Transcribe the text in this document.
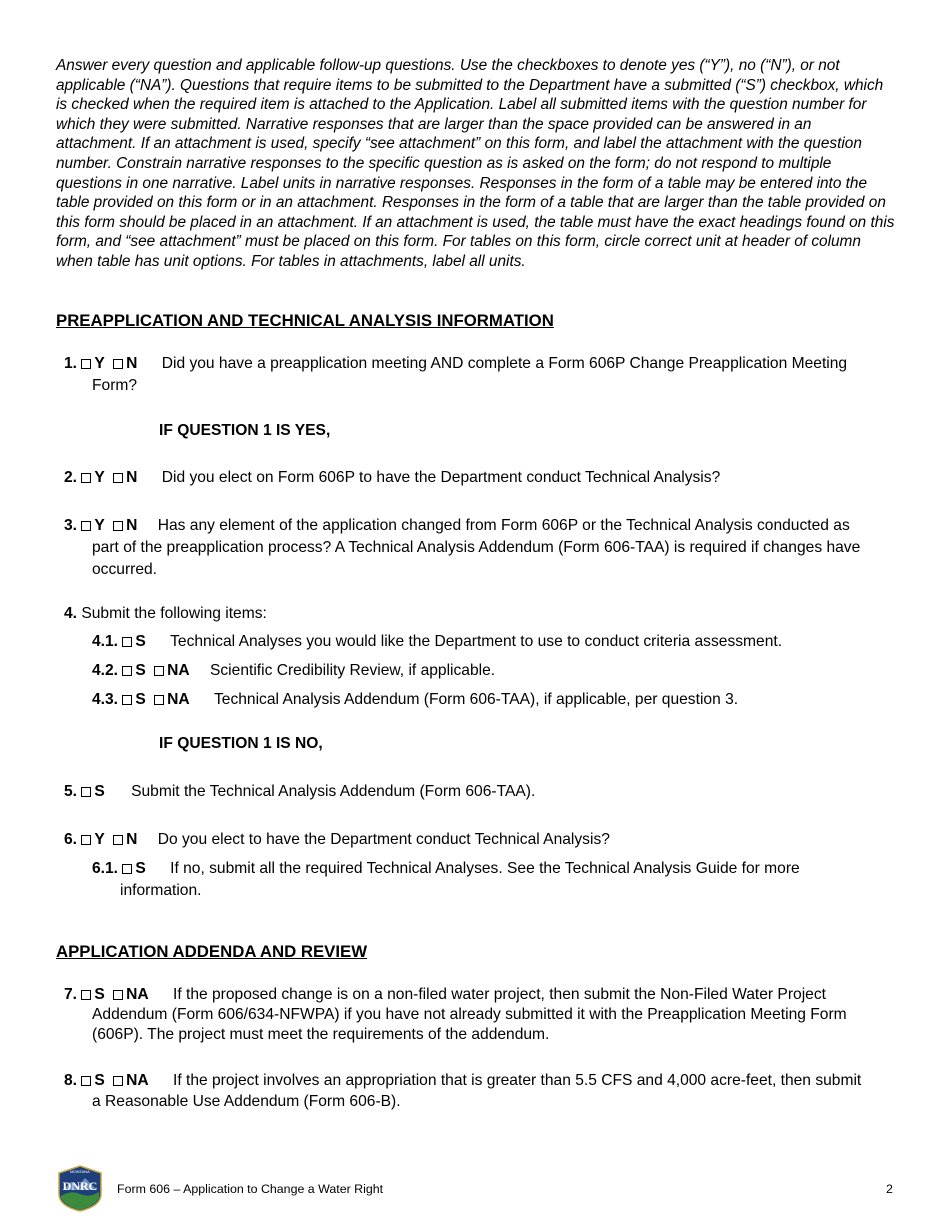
Answer every question and applicable follow-up questions. Use the checkboxes to denote yes (“Y”), no (“N”), or not applicable (“NA”). Questions that require items to be submitted to the Department have a submitted (“S”) checkbox, which is checked when the required item is attached to the Application. Label all submitted items with the question number for which they were submitted. Narrative responses that are larger than the space provided can be answered in an attachment. If an attachment is used, specify “see attachment” on this form, and label the attachment with the question number. Constrain narrative responses to the specific question as is asked on the form; do not respond to multiple questions in one narrative. Label units in narrative responses. Responses in the form of a table may be entered into the table provided on this form or in an attachment. Responses in the form of a table that are larger than the table provided on this form should be placed in an attachment. If an attachment is used, the table must have the exact headings found on this form, and “see attachment” must be placed on this form. For tables on this form, circle correct unit at header of column when table has unit options. For tables in attachments, label all units.

PREAPPLICATION AND TECHNICAL ANALYSIS INFORMATION
1. Y N Did you have a preapplication meeting AND complete a Form 606P Change Preapplication Meeting Form?
IF QUESTION 1 IS YES,
2. Y N Did you elect on Form 606P to have the Department conduct Technical Analysis?
3. Y N Has any element of the application changed from Form 606P or the Technical Analysis conducted as part of the preapplication process? A Technical Analysis Addendum (Form 606-TAA) is required if changes have occurred.
4. Submit the following items:
4.1. S Technical Analyses you would like the Department to use to conduct criteria assessment.
4.2. S NA Scientific Credibility Review, if applicable.
4.3. S NA Technical Analysis Addendum (Form 606-TAA), if applicable, per question 3.
IF QUESTION 1 IS NO,
5. S Submit the Technical Analysis Addendum (Form 606-TAA).
6. Y N Do you elect to have the Department conduct Technical Analysis?
6.1. S If no, submit all the required Technical Analyses. See the Technical Analysis Guide for more information.
APPLICATION ADDENDA AND REVIEW
7. S NA If the proposed change is on a non-filed water project, then submit the Non-Filed Water Project Addendum (Form 606/634-NFWPA) if you have not already submitted it with the Preapplication Meeting Form (606P). The project must meet the requirements of the addendum.
8. S NA If the project involves an appropriation that is greater than 5.5 CFS and 4,000 acre-feet, then submit a Reasonable Use Addendum (Form 606-B).
MONTANA
DNRC Form 606 – Application to Change a Water Right	2
